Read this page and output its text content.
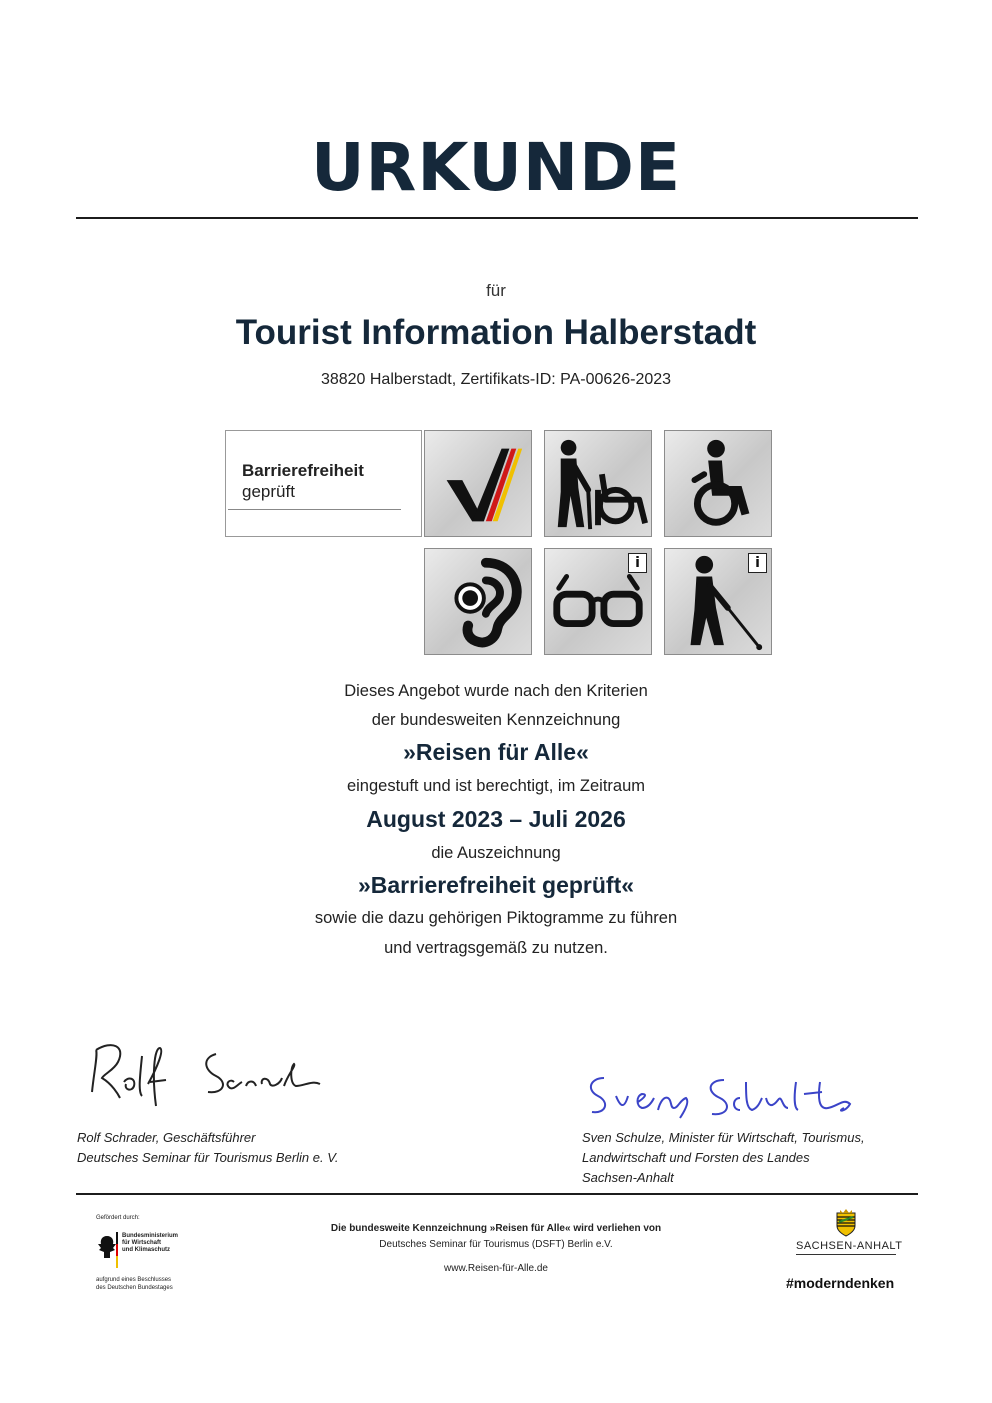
URKUNDE
für
Tourist Information Halberstadt
38820 Halberstadt, Zertifikats-ID: PA-00626-2023
Barrierefreiheit
geprüft
i	i
Dieses Angebot wurde nach den Kriterien
der bundesweiten Kennzeichnung
»Reisen für Alle«
eingestuft und ist berechtigt, im Zeitraum
August 2023 – Juli 2026
die Auszeichnung
»Barrierefreiheit geprüft«
sowie die dazu gehörigen Piktogramme zu führen
und vertragsgemäß zu nutzen.
Rolf Schrader, Geschäftsführer
Deutsches Seminar für Tourismus Berlin e. V.
Sven Schulze, Minister für Wirtschaft, Tourismus,
Landwirtschaft und Forsten des Landes
Sachsen-Anhalt
Gefördert durch:
Bundesministerium für Wirtschaft und Klimaschutz
aufgrund eines Beschlusses des Deutschen Bundestages
Die bundesweite Kennzeichnung »Reisen für Alle« wird verliehen von
Deutsches Seminar für Tourismus (DSFT) Berlin e.V.
www.Reisen-für-Alle.de
SACHSEN-ANHALT
#moderndenken
